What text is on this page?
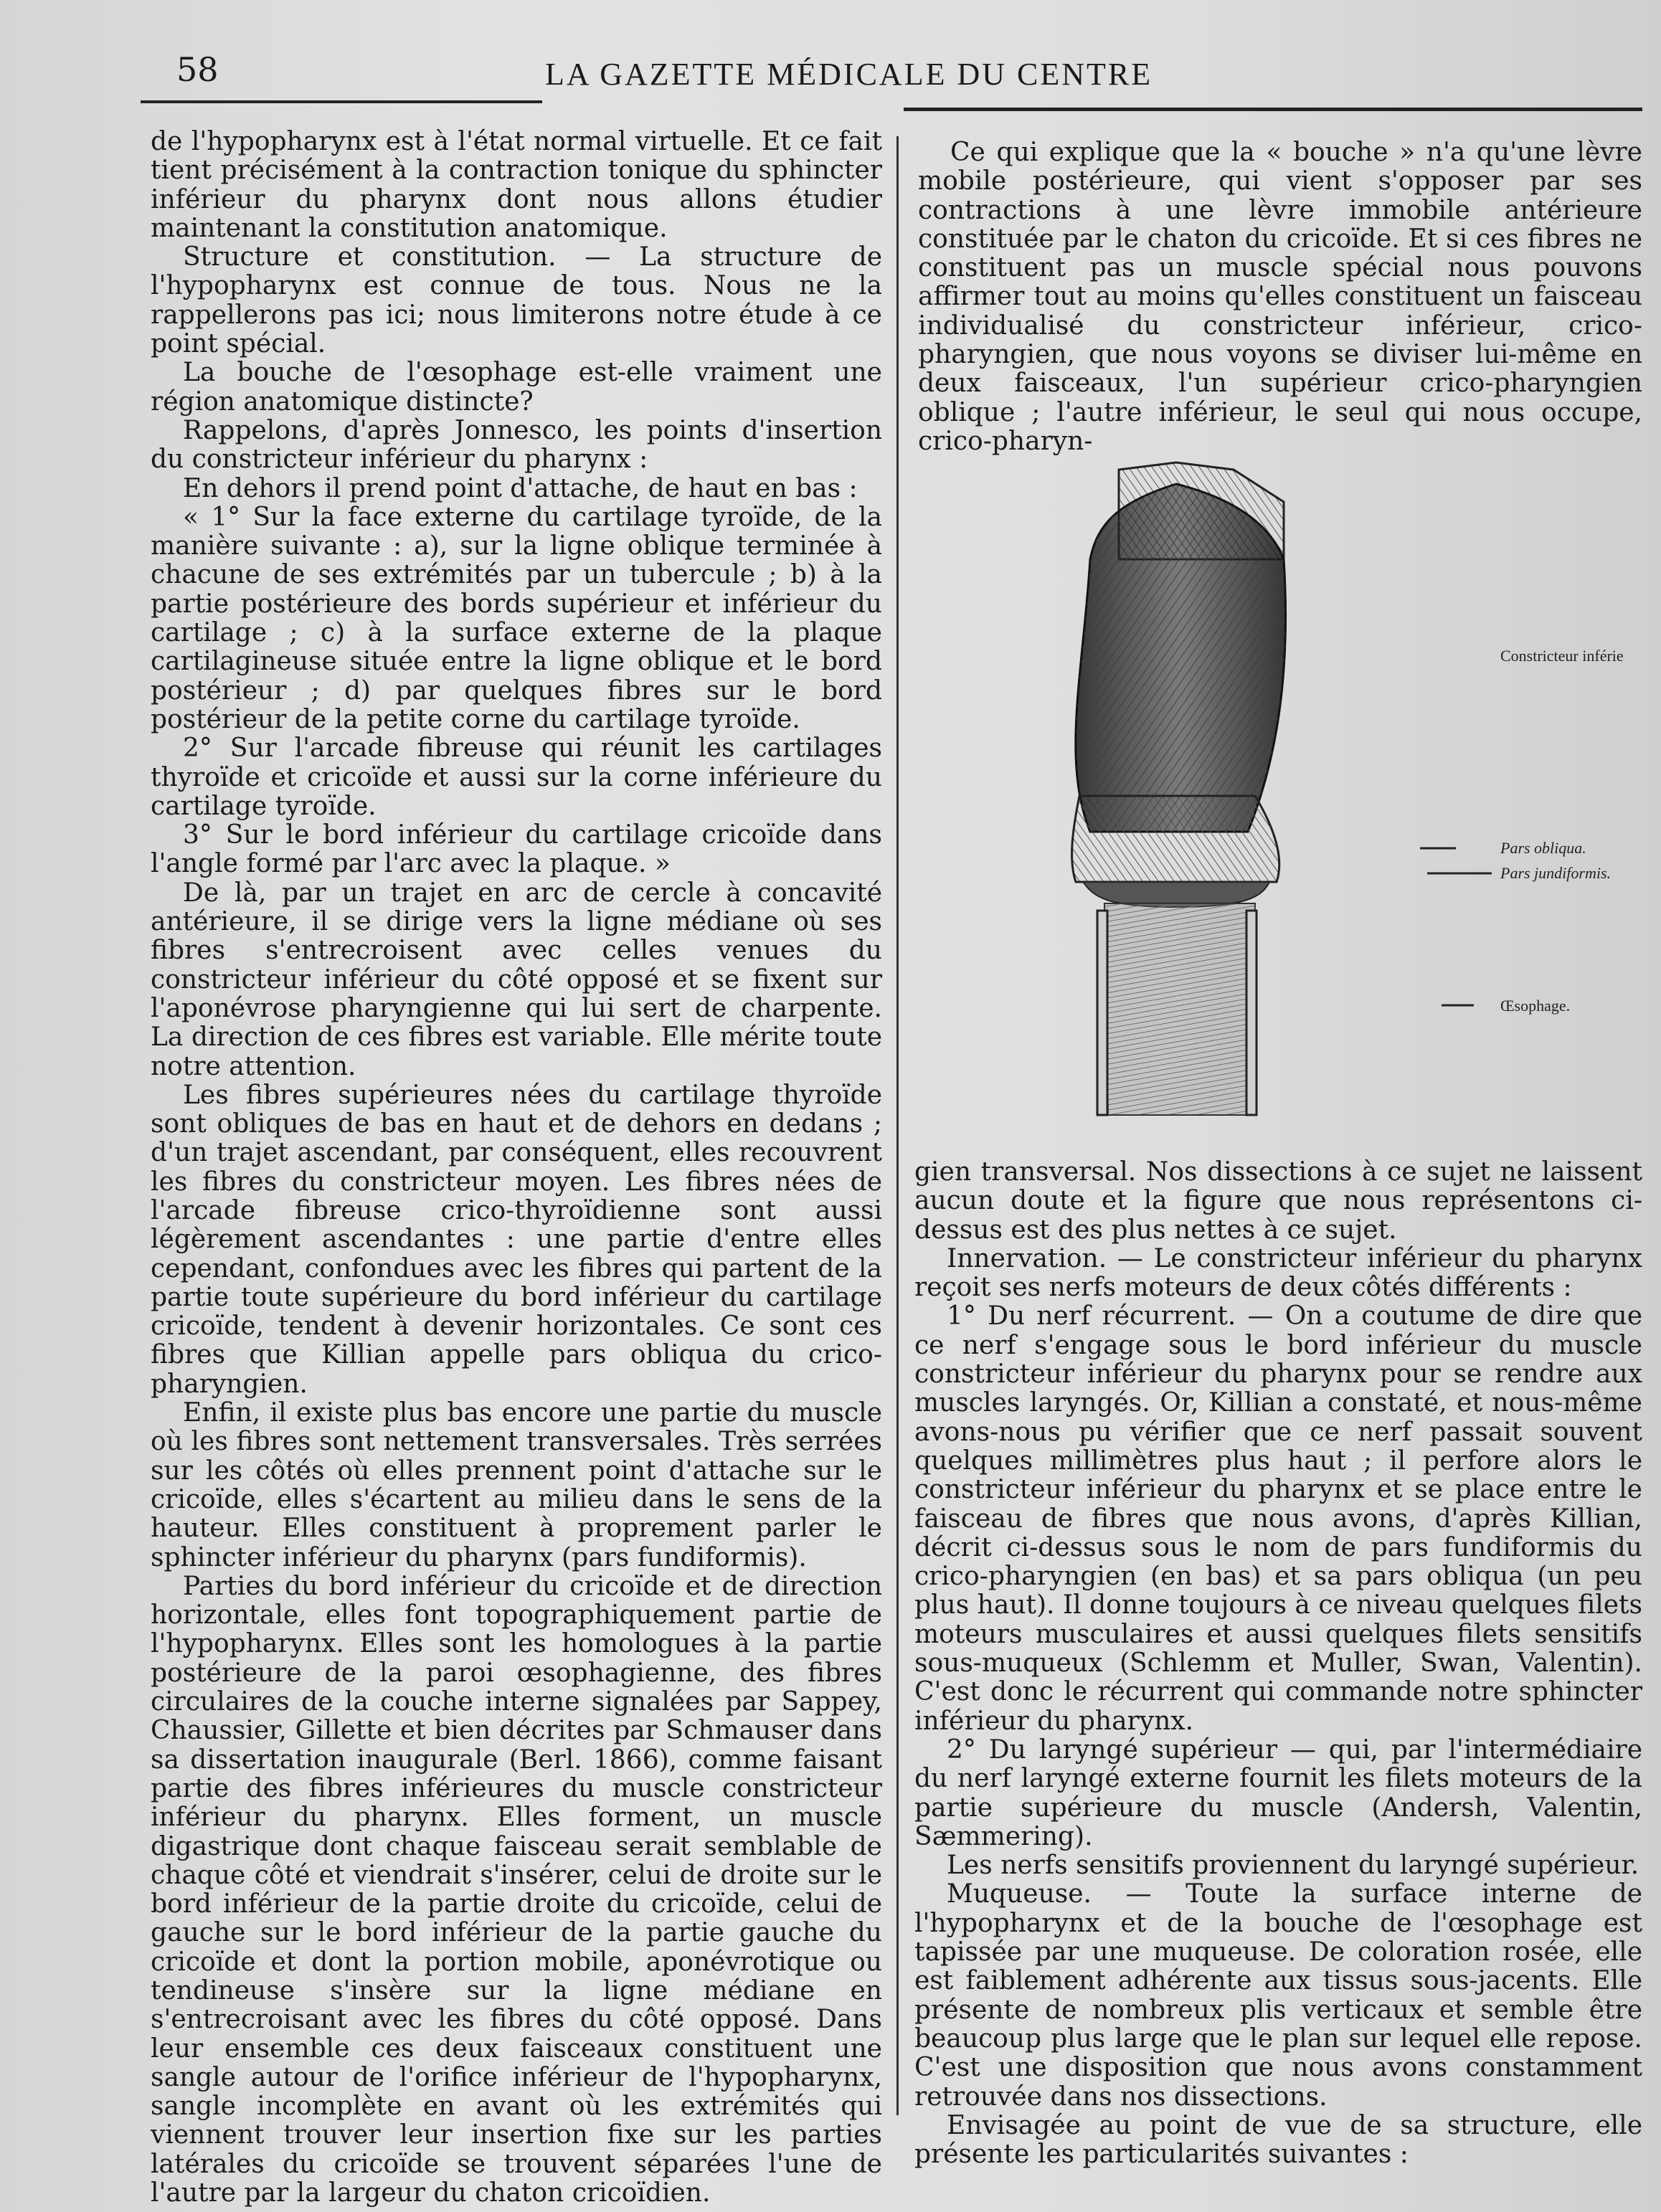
58	LA GAZETTE MÉDICALE DU CENTRE

de l'hypopharynx est à l'état normal virtuelle. Et ce fait tient précisément à la contraction tonique du sphincter inférieur du pharynx dont nous allons étudier maintenant la constitution anatomique.

Structure et constitution. — La structure de l'hypopharynx est connue de tous. Nous ne la rappellerons pas ici; nous limiterons notre étude à ce point spécial.

La bouche de l'œsophage est-elle vraiment une région anatomique distincte?

Rappelons, d'après Jonnesco, les points d'insertion du constricteur inférieur du pharynx :

En dehors il prend point d'attache, de haut en bas :

« 1° Sur la face externe du cartilage tyroïde, de la manière suivante : a), sur la ligne oblique terminée à chacune de ses extrémités par un tubercule ; b) à la partie postérieure des bords supérieur et inférieur du cartilage ; c) à la surface externe de la plaque cartilagineuse située entre la ligne oblique et le bord postérieur ; d) par quelques fibres sur le bord postérieur de la petite corne du cartilage tyroïde.

2° Sur l'arcade fibreuse qui réunit les cartilages thyroïde et cricoïde et aussi sur la corne inférieure du cartilage tyroïde.

3° Sur le bord inférieur du cartilage cricoïde dans l'angle formé par l'arc avec la plaque. »

De là, par un trajet en arc de cercle à concavité antérieure, il se dirige vers la ligne médiane où ses fibres s'entrecroisent avec celles venues du constricteur inférieur du côté opposé et se fixent sur l'aponévrose pharyngienne qui lui sert de charpente. La direction de ces fibres est variable. Elle mérite toute notre attention.

Les fibres supérieures nées du cartilage thyroïde sont obliques de bas en haut et de dehors en dedans ; d'un trajet ascendant, par conséquent, elles recouvrent les fibres du constricteur moyen. Les fibres nées de l'arcade fibreuse crico-thyroïdienne sont aussi légèrement ascendantes : une partie d'entre elles cependant, confondues avec les fibres qui partent de la partie toute supérieure du bord inférieur du cartilage cricoïde, tendent à devenir horizontales. Ce sont ces fibres que Killian appelle pars obliqua du crico-pharyngien.

Enfin, il existe plus bas encore une partie du muscle où les fibres sont nettement transversales. Très serrées sur les côtés où elles prennent point d'attache sur le cricoïde, elles s'écartent au milieu dans le sens de la hauteur. Elles constituent à proprement parler le sphincter inférieur du pharynx (pars fundiformis).

Parties du bord inférieur du cricoïde et de direction horizontale, elles font topographiquement partie de l'hypopharynx. Elles sont les homologues à la partie postérieure de la paroi œsophagienne, des fibres circulaires de la couche interne signalées par Sappey, Chaussier, Gillette et bien décrites par Schmauser dans sa dissertation inaugurale (Berl. 1866), comme faisant partie des fibres inférieures du muscle constricteur inférieur du pharynx. Elles forment, un muscle digastrique dont chaque faisceau serait semblable de chaque côté et viendrait s'insérer, celui de droite sur le bord inférieur de la partie droite du cricoïde, celui de gauche sur le bord inférieur de la partie gauche du cricoïde et dont la portion mobile, aponévrotique ou tendineuse s'insère sur la ligne médiane en s'entrecroisant avec les fibres du côté opposé. Dans leur ensemble ces deux faisceaux constituent une sangle autour de l'orifice inférieur de l'hypopharynx, sangle incomplète en avant où les extrémités qui viennent trouver leur insertion fixe sur les parties latérales du cricoïde se trouvent séparées l'une de l'autre par la largeur du chaton cricoïdien.

Ce qui explique que la « bouche » n'a qu'une lèvre mobile postérieure, qui vient s'opposer par ses contractions à une lèvre immobile antérieure constituée par le chaton du cricoïde. Et si ces fibres ne constituent pas un muscle spécial nous pouvons affirmer tout au moins qu'elles constituent un faisceau individualisé du constricteur inférieur, crico-pharyngien, que nous voyons se diviser lui-même en deux faisceaux, l'un supérieur crico-pharyngien oblique ; l'autre inférieur, le seul qui nous occupe, crico-pharyn-

Constricteur inférie
Pars obliqua.
Pars jundiformis.
Œsophage.

gien transversal. Nos dissections à ce sujet ne laissent aucun doute et la figure que nous représentons ci-dessus est des plus nettes à ce sujet.

Innervation. — Le constricteur inférieur du pharynx reçoit ses nerfs moteurs de deux côtés différents :

1° Du nerf récurrent. — On a coutume de dire que ce nerf s'engage sous le bord inférieur du muscle constricteur inférieur du pharynx pour se rendre aux muscles laryngés. Or, Killian a constaté, et nous-même avons-nous pu vérifier que ce nerf passait souvent quelques millimètres plus haut ; il perfore alors le constricteur inférieur du pharynx et se place entre le faisceau de fibres que nous avons, d'après Killian, décrit ci-dessus sous le nom de pars fundiformis du crico-pharyngien (en bas) et sa pars obliqua (un peu plus haut). Il donne toujours à ce niveau quelques filets moteurs musculaires et aussi quelques filets sensitifs sous-muqueux (Schlemm et Muller, Swan, Valentin). C'est donc le récurrent qui commande notre sphincter inférieur du pharynx.

2° Du laryngé supérieur — qui, par l'intermédiaire du nerf laryngé externe fournit les filets moteurs de la partie supérieure du muscle (Andersh, Valentin, Sæmmering).

Les nerfs sensitifs proviennent du laryngé supérieur.

Muqueuse. — Toute la surface interne de l'hypopharynx et de la bouche de l'œsophage est tapissée par une muqueuse. De coloration rosée, elle est faiblement adhérente aux tissus sous-jacents. Elle présente de nombreux plis verticaux et semble être beaucoup plus large que le plan sur lequel elle repose. C'est une disposition que nous avons constamment retrouvée dans nos dissections.

Envisagée au point de vue de sa structure, elle présente les particularités suivantes :
